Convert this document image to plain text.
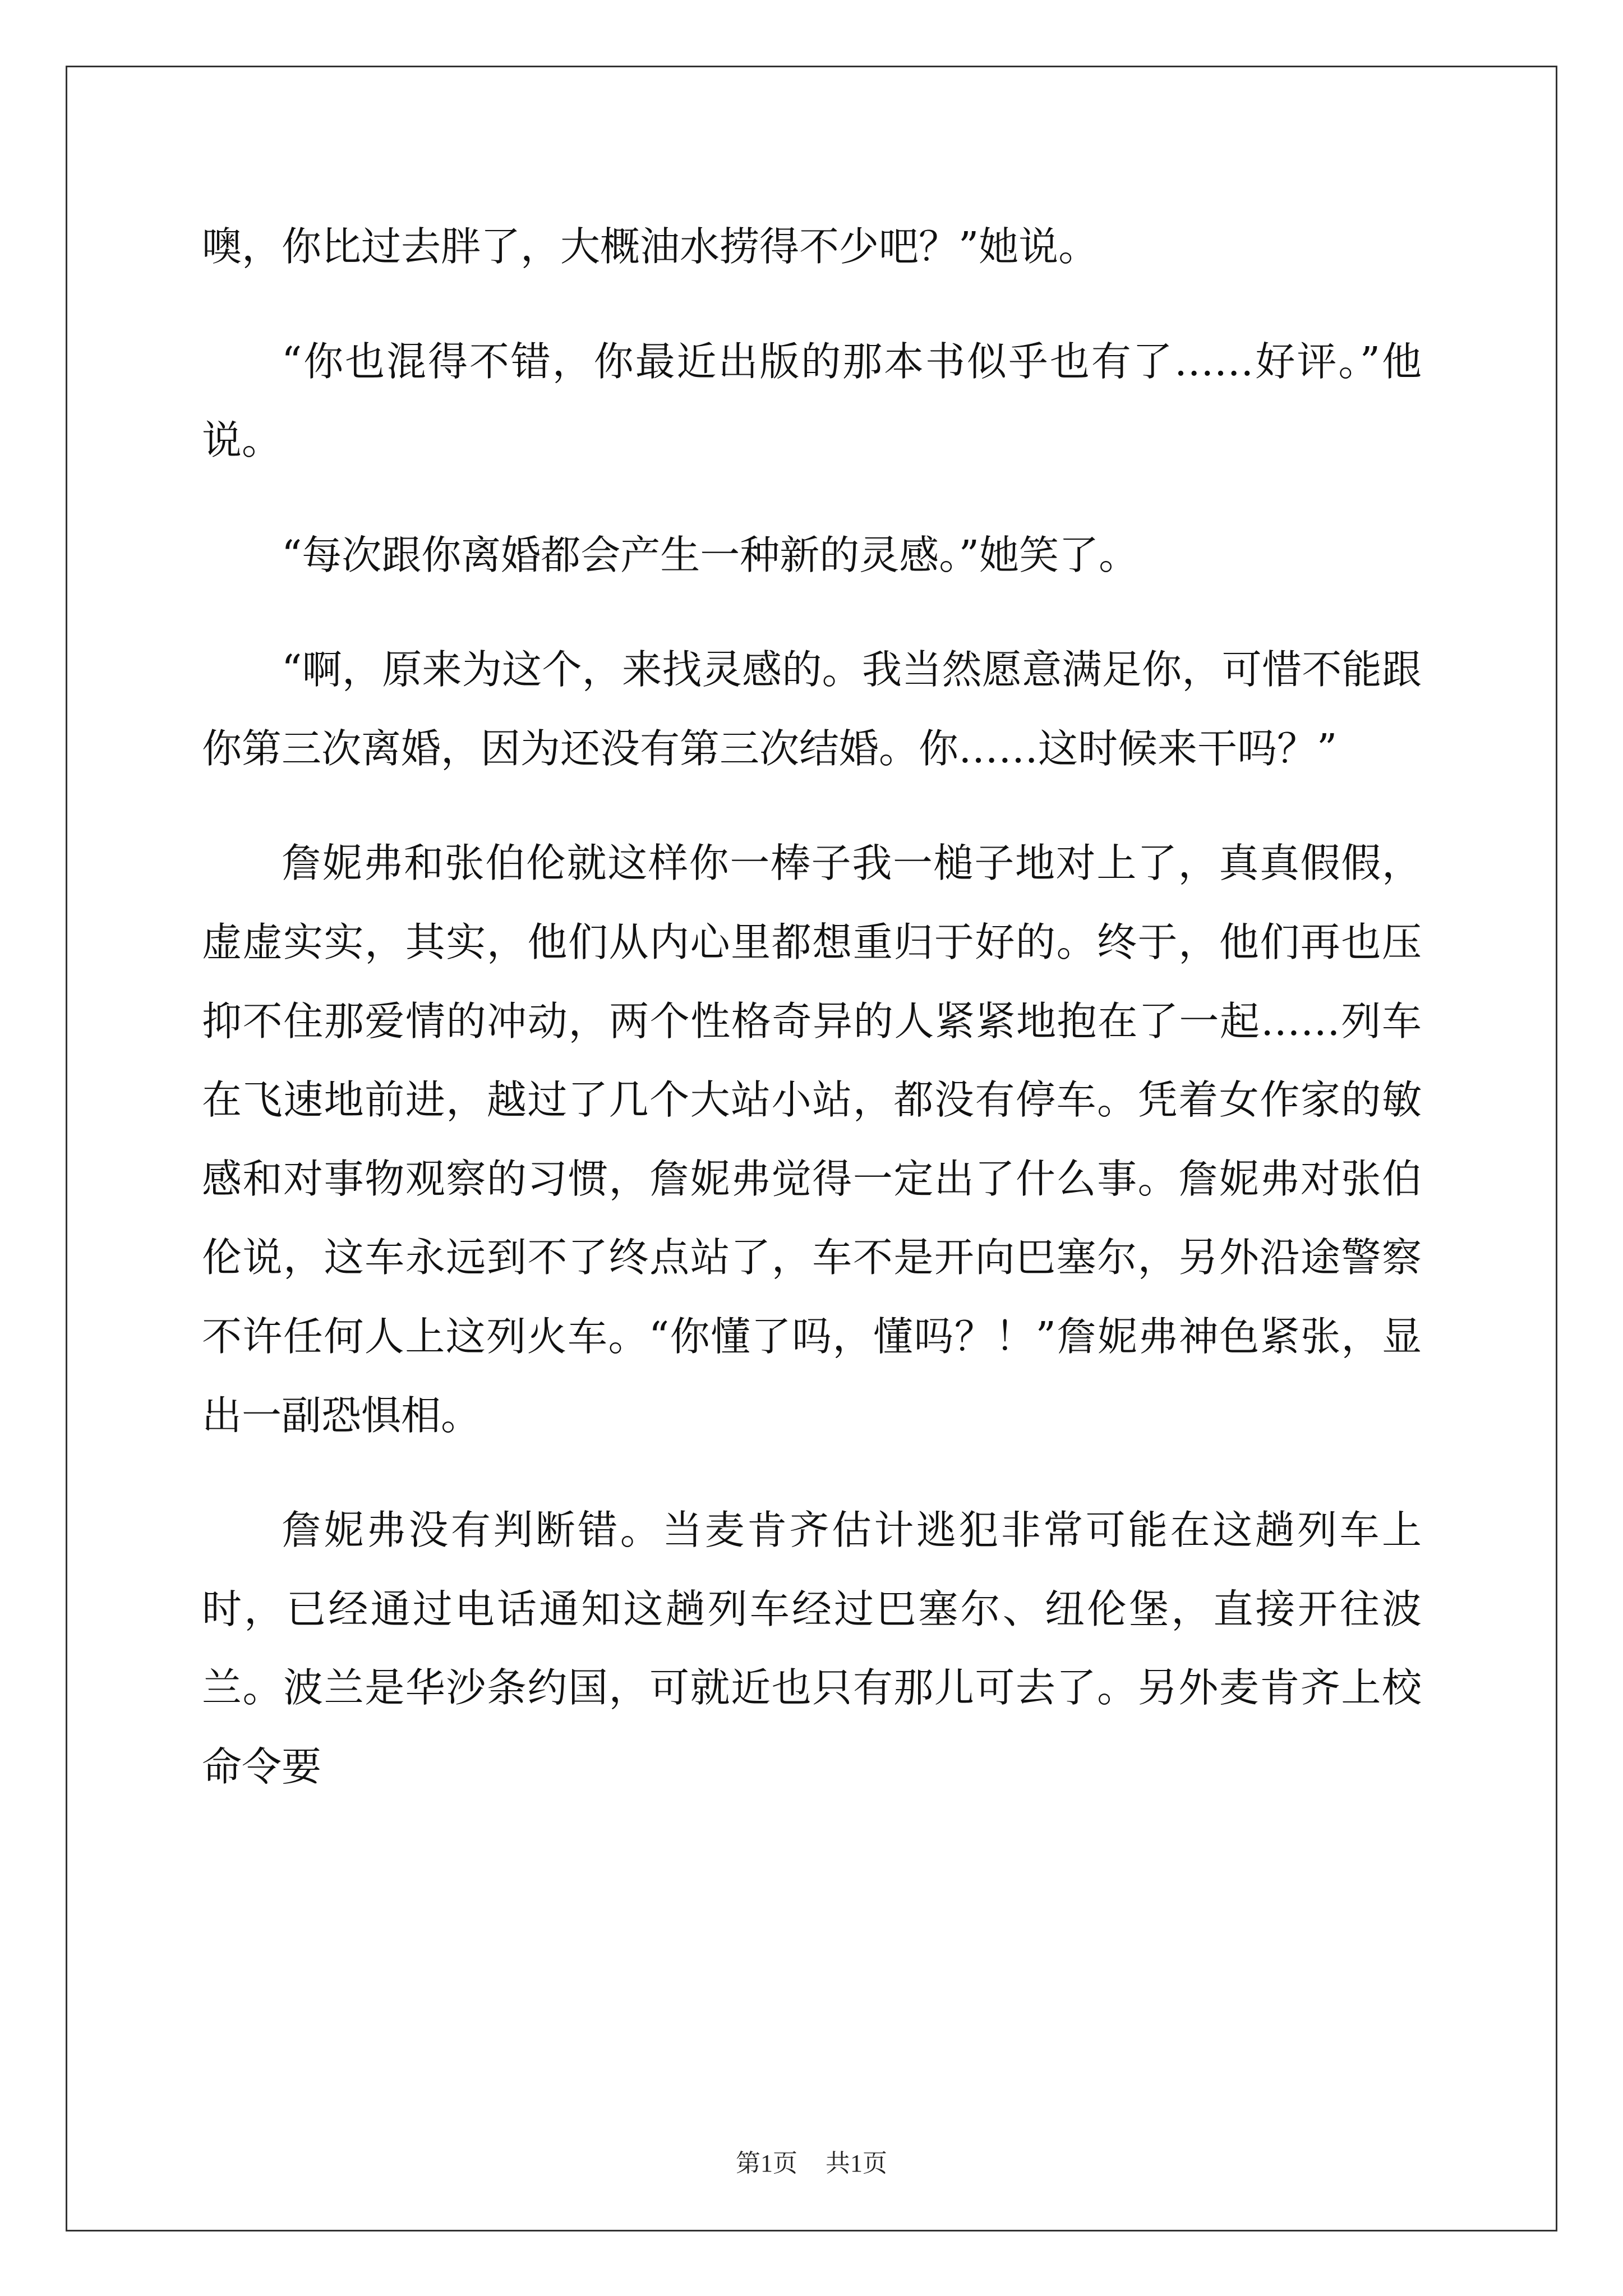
噢，你比过去胖了，大概油水捞得不少吧？”她说。

“你也混得不错，你最近出版的那本书似乎也有了……好评。”他说。

“每次跟你离婚都会产生一种新的灵感。”她笑了。

“啊，原来为这个，来找灵感的。我当然愿意满足你，可惜不能跟你第三次离婚，因为还没有第三次结婚。你……这时候来干吗？”

詹妮弗和张伯伦就这样你一棒子我一槌子地对上了，真真假假，虚虚实实，其实，他们从内心里都想重归于好的。终于，他们再也压抑不住那爱情的冲动，两个性格奇异的人紧紧地抱在了一起……列车在飞速地前进，越过了几个大站小站，都没有停车。凭着女作家的敏感和对事物观察的习惯，詹妮弗觉得一定出了什么事。詹妮弗对张伯伦说，这车永远到不了终点站了，车不是开向巴塞尔，另外沿途警察不许任何人上这列火车。“你懂了吗，懂吗？！”詹妮弗神色紧张，显出一副恐惧相。

詹妮弗没有判断错。当麦肯齐估计逃犯非常可能在这趟列车上时，已经通过电话通知这趟列车经过巴塞尔、纽伦堡，直接开往波兰。波兰是华沙条约国，可就近也只有那儿可去了。另外麦肯齐上校命令要

第1页 共1页
